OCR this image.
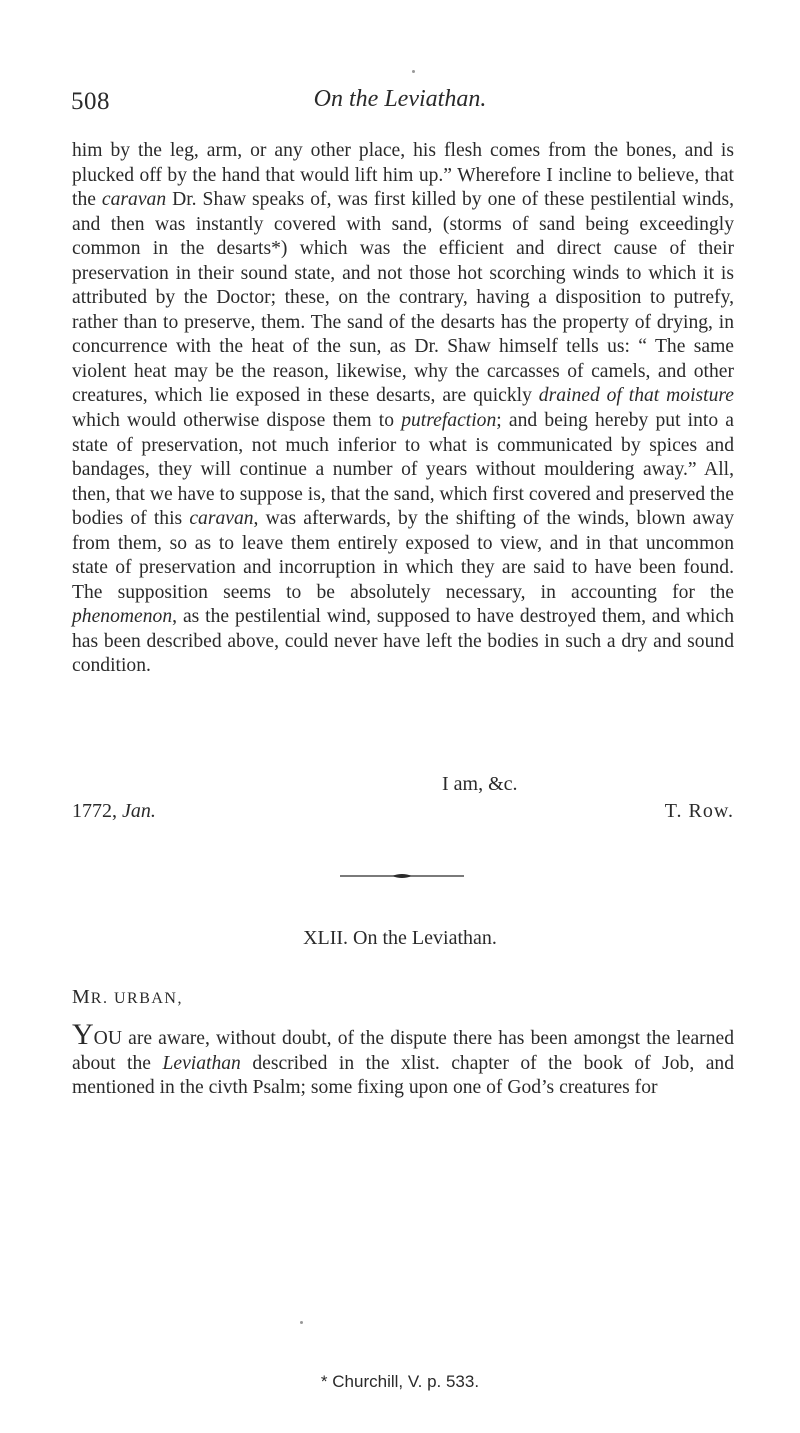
508	On the Leviathan.

him by the leg, arm, or any other place, his flesh comes from the bones, and is plucked off by the hand that would lift him up.” Wherefore I incline to believe, that the caravan Dr. Shaw speaks of, was first killed by one of these pestilential winds, and then was instantly covered with sand, (storms of sand being exceedingly common in the desarts*) which was the efficient and direct cause of their preservation in their sound state, and not those hot scorching winds to which it is attributed by the Doctor; these, on the contrary, having a disposition to putrefy, rather than to preserve, them. The sand of the desarts has the property of drying, in concurrence with the heat of the sun, as Dr. Shaw himself tells us: “ The same violent heat may be the reason, likewise, why the carcasses of camels, and other creatures, which lie exposed in these desarts, are quickly drained of that moisture which would otherwise dispose them to putrefaction; and being hereby put into a state of preservation, not much inferior to what is communicated by spices and bandages, they will continue a number of years without mouldering away.” All, then, that we have to suppose is, that the sand, which first covered and preserved the bodies of this caravan, was afterwards, by the shifting of the winds, blown away from them, so as to leave them entirely exposed to view, and in that uncommon state of preservation and incorruption in which they are said to have been found. The supposition seems to be absolutely necessary, in accounting for the phenomenon, as the pestilential wind, supposed to have destroyed them, and which has been described above, could never have left the bodies in such a dry and sound condition.

I am, &c.
1772, Jan.	T. Row.
XLII. On the Leviathan.
MR. URBAN,

YOU are aware, without doubt, of the dispute there has been amongst the learned about the Leviathan described in the xlist. chapter of the book of Job, and mentioned in the civth Psalm; some fixing upon one of God’s creatures for

* Churchill, V. p. 533.
